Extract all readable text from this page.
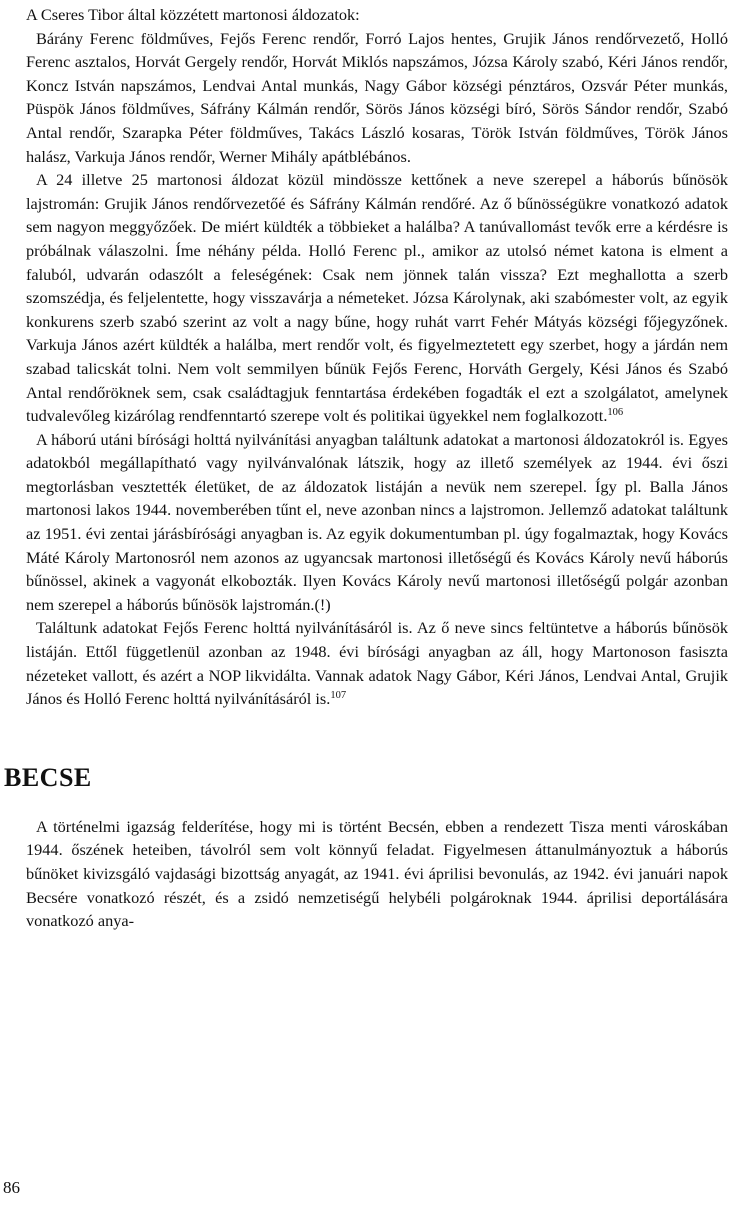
A Cseres Tibor által közzétett martonosi áldozatok:

Bárány Ferenc földműves, Fejős Ferenc rendőr, Forró Lajos hentes, Grujik János rendőrvezető, Holló Ferenc asztalos, Horvát Gergely rendőr, Horvát Miklós napszámos, Józsa Károly szabó, Kéri János rendőr, Koncz István napszámos, Lendvai Antal munkás, Nagy Gábor községi pénztáros, Ozsvár Péter munkás, Püspök János földműves, Sáfrány Kálmán rendőr, Sörös János községi bíró, Sörös Sándor rendőr, Szabó Antal rendőr, Szarapka Péter földműves, Takács László kosaras, Török István földműves, Török János halász, Varkuja János rendőr, Werner Mihály apátblébános.

A 24 illetve 25 martonosi áldozat közül mindössze kettőnek a neve szerepel a háborús bűnösök lajstromán: Grujik János rendőrvezetőé és Sáfrány Kálmán rendőré. Az ő bűnösségükre vonatkozó adatok sem nagyon meggyőzőek. De miért küldték a többieket a halálba? A tanúvallomást tevők erre a kérdésre is próbálnak válaszolni. Íme néhány példa. Holló Ferenc pl., amikor az utolsó német katona is elment a faluból, udvarán odaszólt a feleségének: Csak nem jönnek talán vissza? Ezt meghallotta a szerb szomszédja, és feljelentette, hogy visszavárja a németeket. Józsa Károlynak, aki szabómester volt, az egyik konkurens szerb szabó szerint az volt a nagy bűne, hogy ruhát varrt Fehér Mátyás községi főjegyzőnek. Varkuja János azért küldték a halálba, mert rendőr volt, és figyelmeztetett egy szerbet, hogy a járdán nem szabad talicskát tolni. Nem volt semmilyen bűnük Fejős Ferenc, Horváth Gergely, Kési János és Szabó Antal rendőröknek sem, csak családtagjuk fenntartása érdekében fogadták el ezt a szolgálatot, amelynek tudvalevőleg kizárólag rendfenntartó szerepe volt és politikai ügyekkel nem foglalkozott.$^{106}$

A háború utáni bírósági holttá nyilvánítási anyagban találtunk adatokat a martonosi áldozatokról is. Egyes adatokból megállapítható vagy nyilvánvalónak látszik, hogy az illető személyek az 1944. évi őszi megtorlásban vesztették életüket, de az áldozatok listáján a nevük nem szerepel. Így pl. Balla János martonosi lakos 1944. novemberében tűnt el, neve azonban nincs a lajstromon. Jellemző adatokat találtunk az 1951. évi zentai járásbírósági anyagban is. Az egyik dokumentumban pl. úgy fogalmaztak, hogy Kovács Máté Károly Martonosról nem azonos az ugyancsak martonosi illetőségű és Kovács Károly nevű háborús bűnössel, akinek a vagyonát elkobozták. Ilyen Kovács Károly nevű martonosi illetőségű polgár azonban nem szerepel a háborús bűnösök lajstromán.(!)

Találtunk adatokat Fejős Ferenc holttá nyilvánításáról is. Az ő neve sincs feltüntetve a háborús bűnösök listáján. Ettől függetlenül azonban az 1948. évi bírósági anyagban az áll, hogy Martonoson fasiszta nézeteket vallott, és azért a NOP likvidálta. Vannak adatok Nagy Gábor, Kéri János, Lendvai Antal, Grujik János és Holló Ferenc holttá nyilvánításáról is.$^{107}$

BECSE

A történelmi igazság felderítése, hogy mi is történt Becsén, ebben a rendezett Tisza menti városkában 1944. őszének heteiben, távolról sem volt könnyű feladat. Figyelmesen áttanulmányoztuk a háborús bűnöket kivizsgáló vajdasági bizottság anyagát, az 1941. évi áprilisi bevonulás, az 1942. évi januári napok Becsére vonatkozó részét, és a zsidó nemzetiségű helybéli polgároknak 1944. áprilisi deportálására vonatkozó anya-

86
